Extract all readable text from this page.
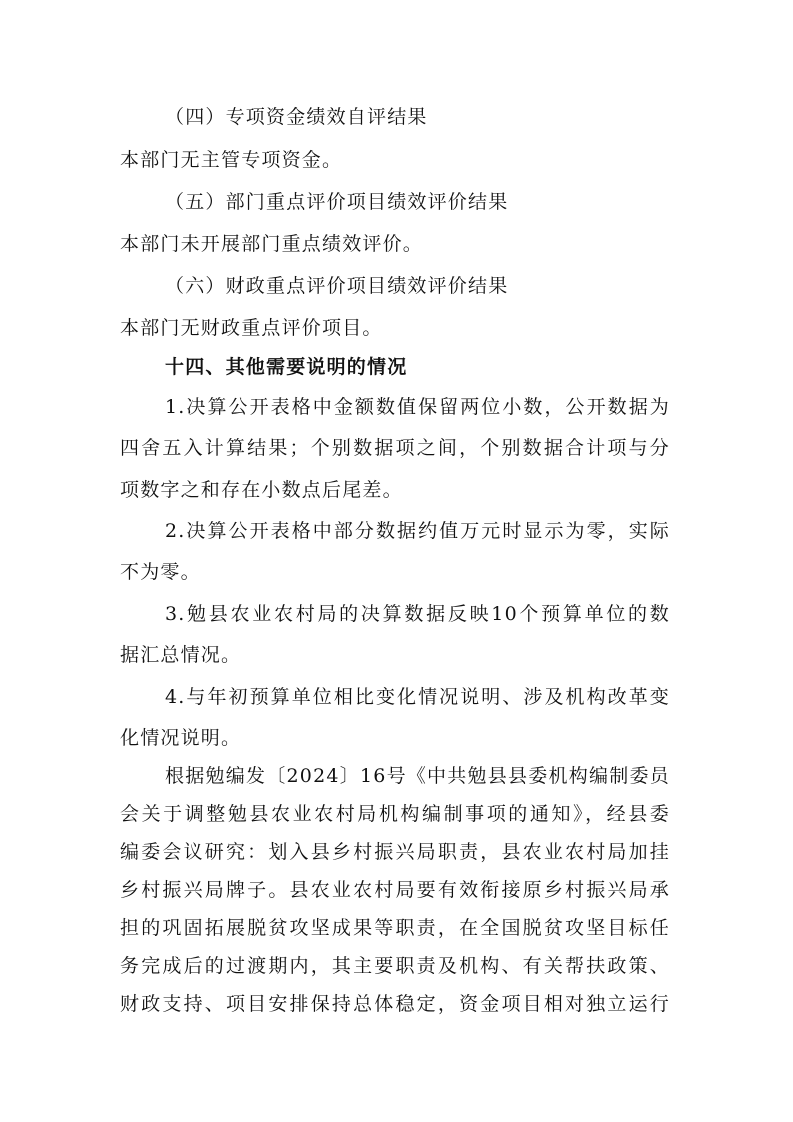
（四）专项资金绩效自评结果
本部门无主管专项资金。
（五）部门重点评价项目绩效评价结果
本部门未开展部门重点绩效评价。
（六）财政重点评价项目绩效评价结果
本部门无财政重点评价项目。
十四、其他需要说明的情况
1.决算公开表格中金额数值保留两位小数，公开数据为
四舍五入计算结果；个别数据项之间，个别数据合计项与分
项数字之和存在小数点后尾差。
2.决算公开表格中部分数据约值万元时显示为零，实际
不为零。
3.勉县农业农村局的决算数据反映10个预算单位的数
据汇总情况。
4.与年初预算单位相比变化情况说明、涉及机构改革变
化情况说明。
根据勉编发〔2024〕16号《中共勉县县委机构编制委员
会关于调整勉县农业农村局机构编制事项的通知》，经县委
编委会议研究：划入县乡村振兴局职责，县农业农村局加挂
乡村振兴局牌子。县农业农村局要有效衔接原乡村振兴局承
担的巩固拓展脱贫攻坚成果等职责，在全国脱贫攻坚目标任
务完成后的过渡期内，其主要职责及机构、有关帮扶政策、
财政支持、项目安排保持总体稳定，资金项目相对独立运行
